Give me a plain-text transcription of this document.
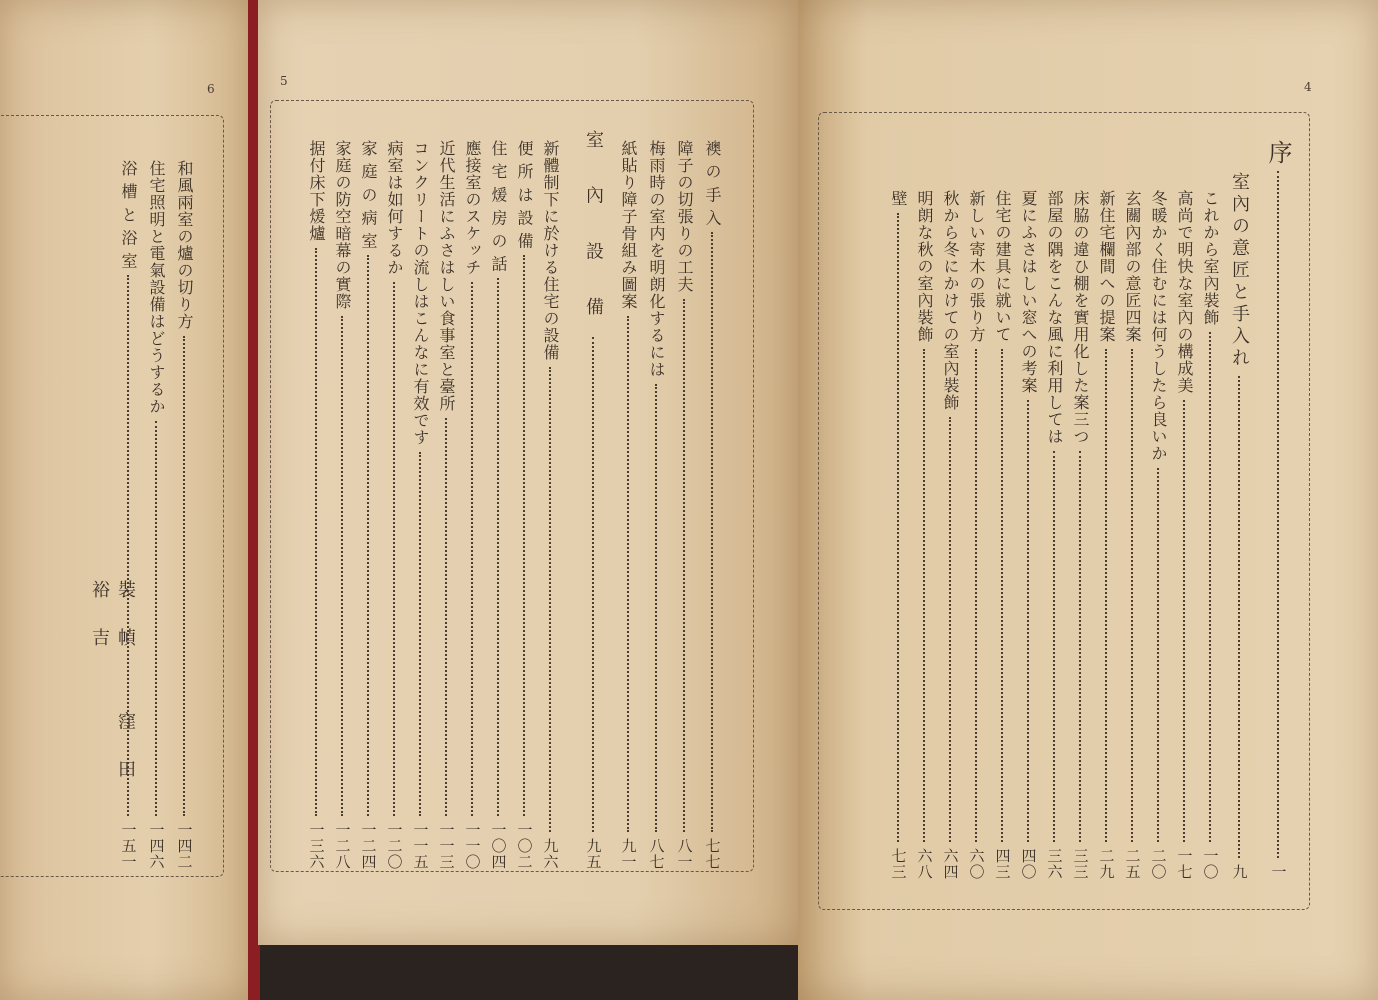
6
和風兩室の爐の切り方
一四二
住宅照明と電氣設備はどうするか
一四六
浴 槽 と 浴 室
一五一
裝幀 窪田裕吉
5
襖 の 手 入
七七
障子の切張りの工夫
八一
梅雨時の室内を明朗化するには
八七
紙貼り障子骨組み圖案
九一
室 內 設 備
九五
新體制下に於ける住宅の設備
九六
便 所 は 設 備
一〇二
住 宅 煖 房 の 話
一〇四
應接室のスケッチ
一一〇
近代生活にふさはしい食事室と臺所
一一三
コンクリートの流しはこんなに有效です
一一五
病室は如何するか
一二〇
家 庭 の 病 室
一二四
家庭の防空暗幕の實際
一二八
据付床下煖爐
一三六
4
序
一
室內の意匠と手入れ
九
これから室內裝飾
一〇
高尚で明快な室內の構成美
一七
冬暖かく住むには何うしたら良いか
二〇
玄關內部の意匠四案
二五
新住宅欄間への提案
二九
床脇の違ひ棚を實用化した案三つ
三三
部屋の隅をこんな風に利用しては
三六
夏にふさはしい窓への考案
四〇
住宅の建具に就いて
四三
新しい寄木の張り方
六〇
秋から冬にかけての室內裝飾
六四
明朗な秋の室內裝飾
六八
壁
七三
